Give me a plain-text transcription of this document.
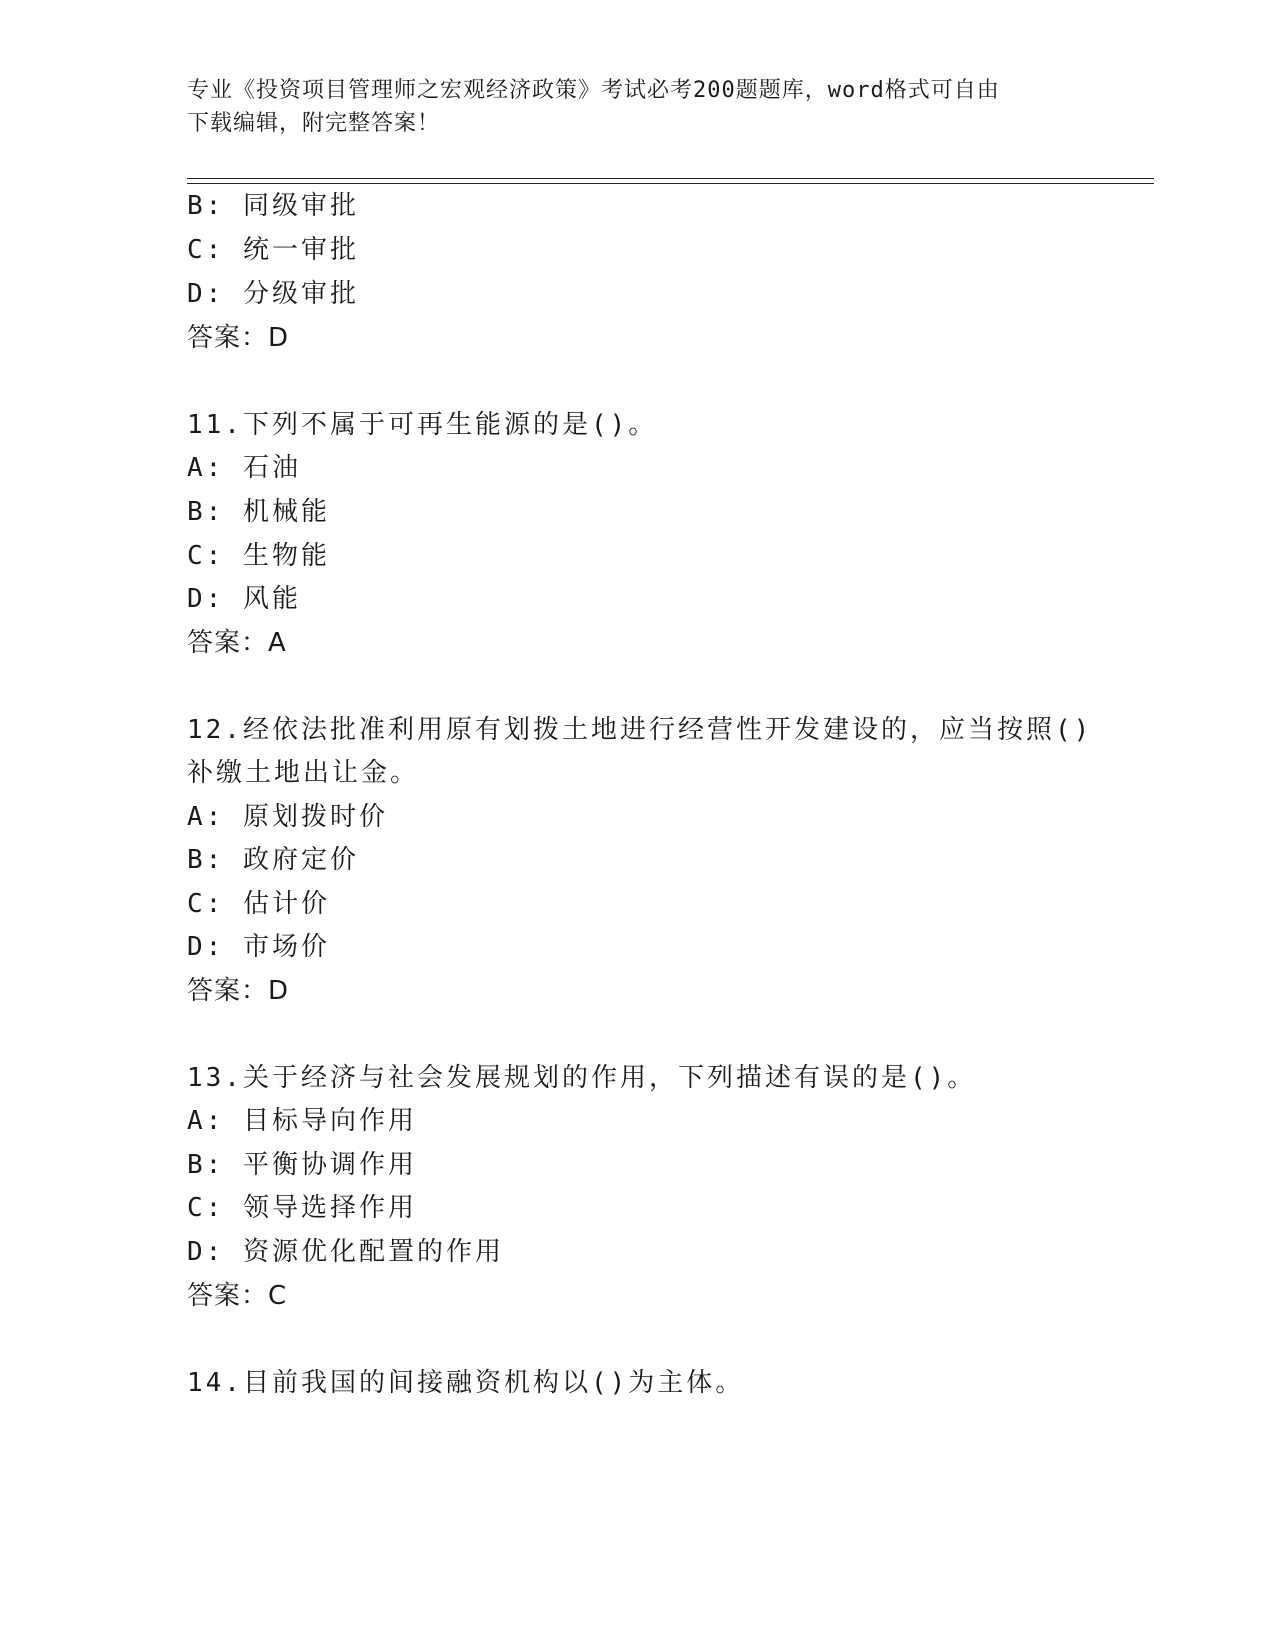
专业《投资项目管理师之宏观经济政策》考试必考200题题库，word格式可自由
下载编辑，附完整答案！
B: 同级审批
C: 统一审批
D: 分级审批
答案：D
11.下列不属于可再生能源的是()。
A: 石油
B: 机械能
C: 生物能
D: 风能
答案：A
12.经依法批准利用原有划拨土地进行经营性开发建设的，应当按照()
补缴土地出让金。
A: 原划拨时价
B: 政府定价
C: 估计价
D: 市场价
答案：D
13.关于经济与社会发展规划的作用，下列描述有误的是()。
A: 目标导向作用
B: 平衡协调作用
C: 领导选择作用
D: 资源优化配置的作用
答案：C
14.目前我国的间接融资机构以()为主体。
